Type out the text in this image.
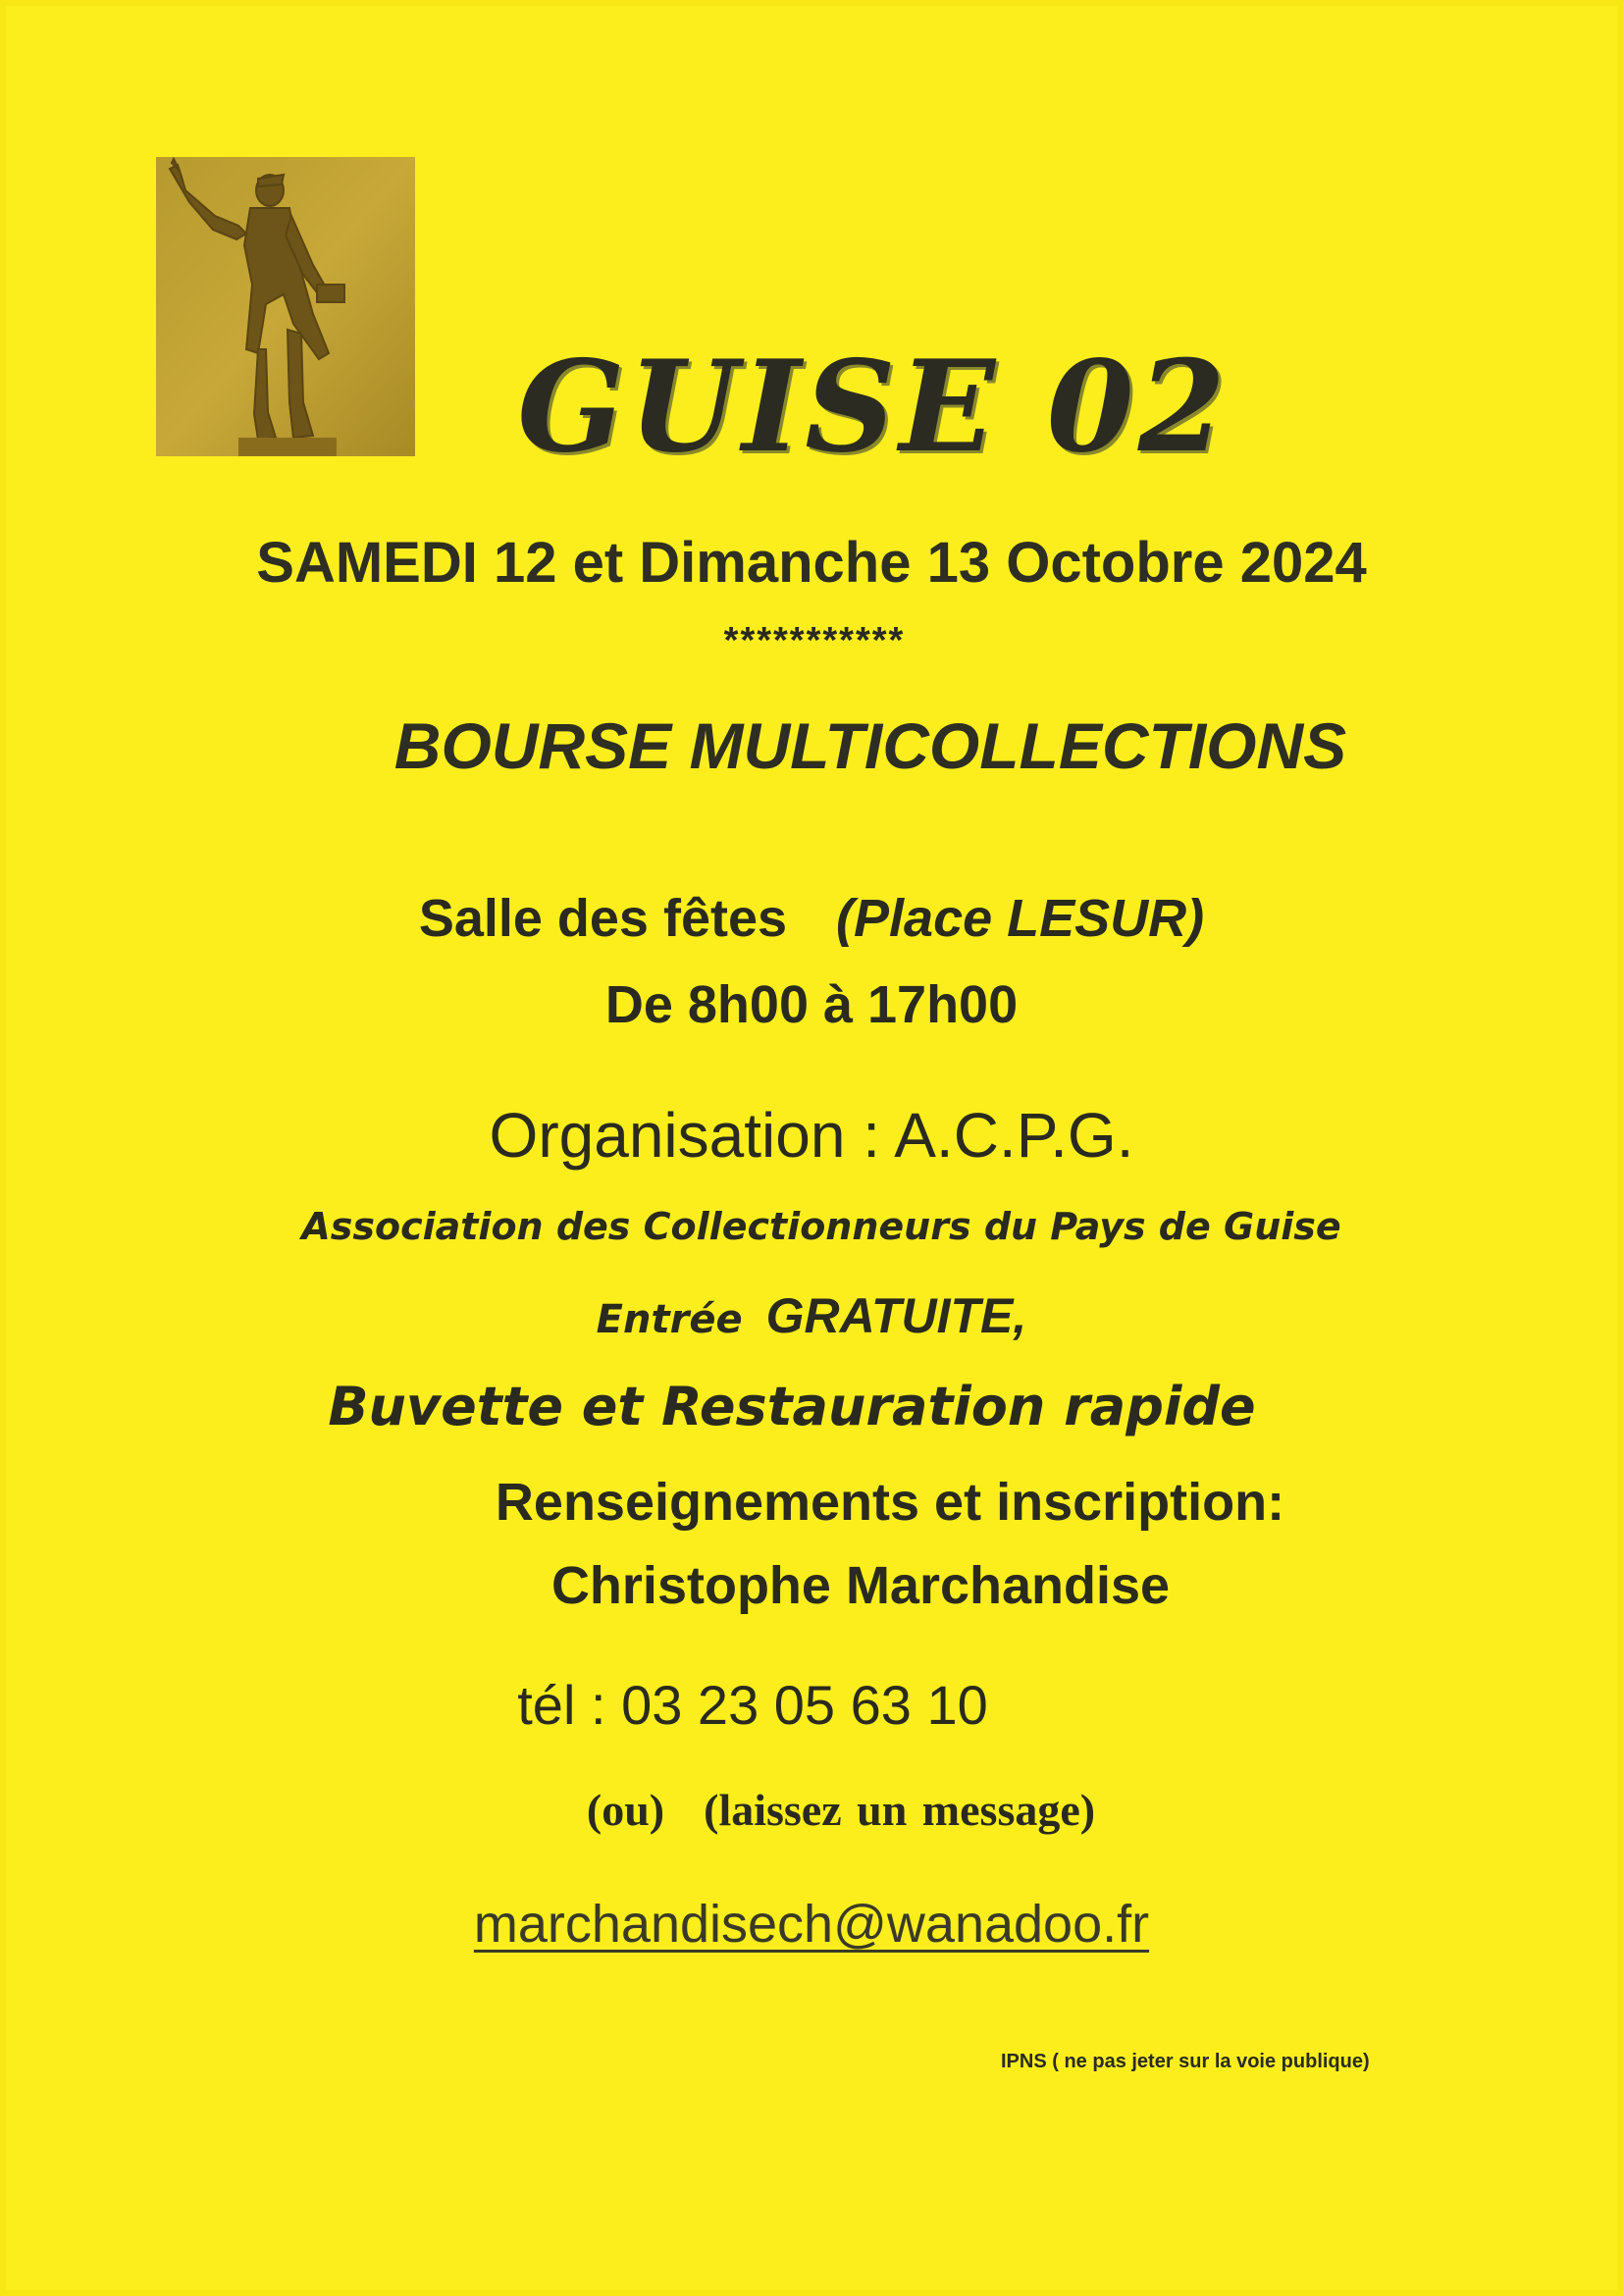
GUISE 02
SAMEDI 12 et Dimanche 13 Octobre 2024
***********
BOURSE MULTICOLLECTIONS
Salle des fêtes (Place LESUR)
De 8h00 à 17h00
Organisation : A.C.P.G.
Association des Collectionneurs du Pays de Guise
Entrée GRATUITE,
Buvette et Restauration rapide
Renseignements et inscription:
Christophe Marchandise
tél : 03 23 05 63 10
(ou) (laissez un message)
marchandisech@wanadoo.fr
IPNS ( ne pas jeter sur la voie publique)
